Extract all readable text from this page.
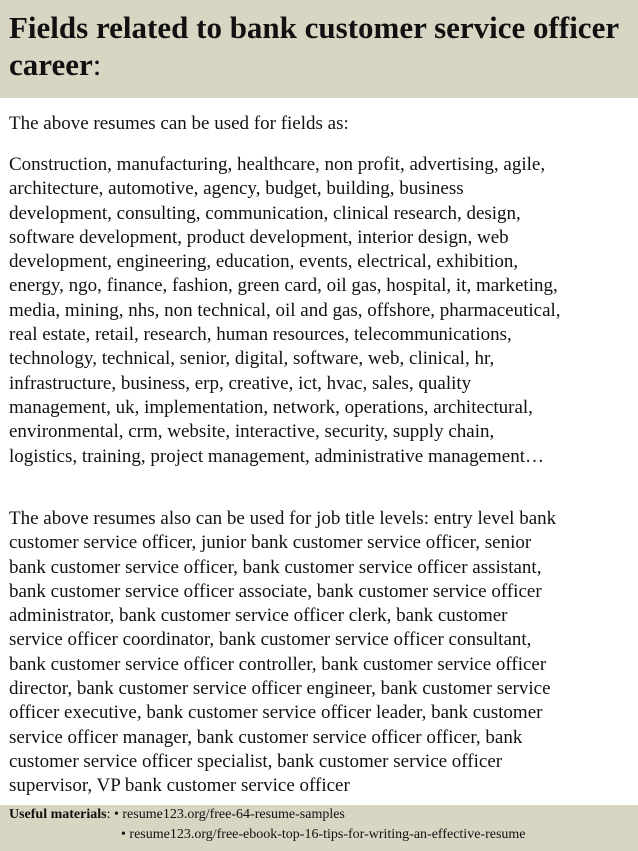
Fields related to bank customer service officer career:

The above resumes can be used for fields as:

Construction, manufacturing, healthcare, non profit, advertising, agile,
architecture, automotive, agency, budget, building, business
development, consulting, communication, clinical research, design,
software development, product development, interior design, web
development, engineering, education, events, electrical, exhibition,
energy, ngo, finance, fashion, green card, oil gas, hospital, it, marketing,
media, mining, nhs, non technical, oil and gas, offshore, pharmaceutical,
real estate, retail, research, human resources, telecommunications,
technology, technical, senior, digital, software, web, clinical, hr,
infrastructure, business, erp, creative, ict, hvac, sales, quality
management, uk, implementation, network, operations, architectural,
environmental, crm, website, interactive, security, supply chain,
logistics, training, project management, administrative management…

The above resumes also can be used for job title levels: entry level bank
customer service officer, junior bank customer service officer, senior
bank customer service officer, bank customer service officer assistant,
bank customer service officer associate, bank customer service officer
administrator, bank customer service officer clerk, bank customer
service officer coordinator, bank customer service officer consultant,
bank customer service officer controller, bank customer service officer
director, bank customer service officer engineer, bank customer service
officer executive, bank customer service officer leader, bank customer
service officer manager, bank customer service officer officer, bank
customer service officer specialist, bank customer service officer
supervisor, VP bank customer service officer

Useful materials: • resume123.org/free-64-resume-samples
• resume123.org/free-ebook-top-16-tips-for-writing-an-effective-resume
